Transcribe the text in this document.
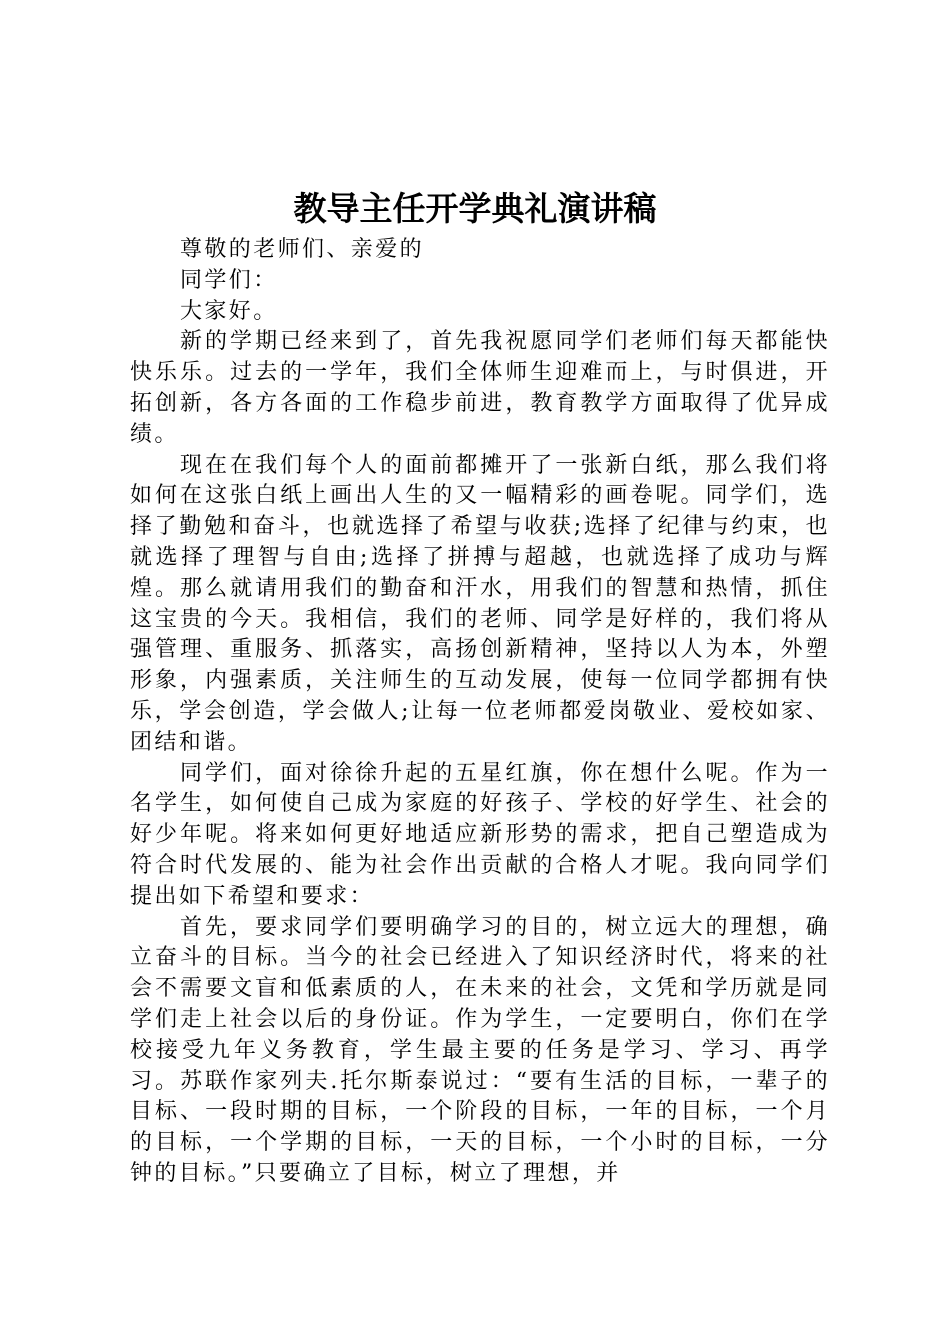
教导主任开学典礼演讲稿

尊敬的老师们、亲爱的

同学们：

大家好。

新的学期已经来到了，首先我祝愿同学们老师们每天都能快快乐乐。过去的一学年，我们全体师生迎难而上，与时俱进，开拓创新，各方各面的工作稳步前进，教育教学方面取得了优异成绩。

现在在我们每个人的面前都摊开了一张新白纸，那么我们将如何在这张白纸上画出人生的又一幅精彩的画卷呢。同学们，选择了勤勉和奋斗，也就选择了希望与收获;选择了纪律与约束，也就选择了理智与自由;选择了拼搏与超越，也就选择了成功与辉煌。那么就请用我们的勤奋和汗水，用我们的智慧和热情，抓住这宝贵的今天。我相信，我们的老师、同学是好样的，我们将从强管理、重服务、抓落实，高扬创新精神，坚持以人为本，外塑形象，内强素质，关注师生的互动发展，使每一位同学都拥有快乐，学会创造，学会做人;让每一位老师都爱岗敬业、爱校如家、团结和谐。

同学们，面对徐徐升起的五星红旗，你在想什么呢。作为一名学生，如何使自己成为家庭的好孩子、学校的好学生、社会的好少年呢。将来如何更好地适应新形势的需求，把自己塑造成为符合时代发展的、能为社会作出贡献的合格人才呢。我向同学们提出如下希望和要求：

首先，要求同学们要明确学习的目的，树立远大的理想，确立奋斗的目标。当今的社会已经进入了知识经济时代，将来的社会不需要文盲和低素质的人，在未来的社会，文凭和学历就是同学们走上社会以后的身份证。作为学生，一定要明白，你们在学校接受九年义务教育，学生最主要的任务是学习、学习、再学习。苏联作家列夫.托尔斯泰说过：“要有生活的目标，一辈子的目标、一段时期的目标，一个阶段的目标，一年的目标，一个月的目标，一个学期的目标，一天的目标，一个小时的目标，一分钟的目标。”只要确立了目标，树立了理想，并
